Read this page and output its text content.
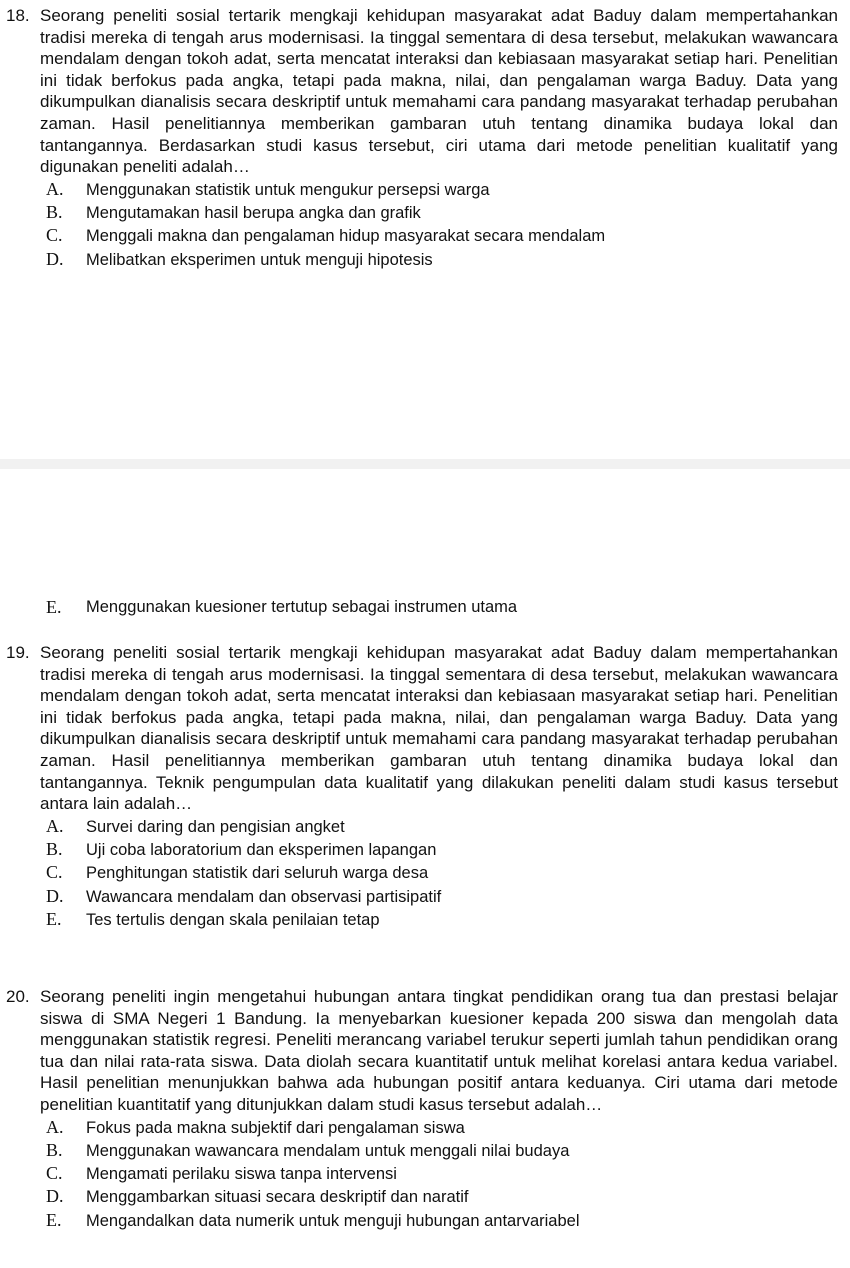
18. Seorang peneliti sosial tertarik mengkaji kehidupan masyarakat adat Baduy dalam mempertahankan tradisi mereka di tengah arus modernisasi. Ia tinggal sementara di desa tersebut, melakukan wawancara mendalam dengan tokoh adat, serta mencatat interaksi dan kebiasaan masyarakat setiap hari. Penelitian ini tidak berfokus pada angka, tetapi pada makna, nilai, dan pengalaman warga Baduy. Data yang dikumpulkan dianalisis secara deskriptif untuk memahami cara pandang masyarakat terhadap perubahan zaman. Hasil penelitiannya memberikan gambaran utuh tentang dinamika budaya lokal dan tantangannya. Berdasarkan studi kasus tersebut, ciri utama dari metode penelitian kualitatif yang digunakan peneliti adalah…
A. Menggunakan statistik untuk mengukur persepsi warga
B. Mengutamakan hasil berupa angka dan grafik
C. Menggali makna dan pengalaman hidup masyarakat secara mendalam
D. Melibatkan eksperimen untuk menguji hipotesis
E. Menggunakan kuesioner tertutup sebagai instrumen utama
19. Seorang peneliti sosial tertarik mengkaji kehidupan masyarakat adat Baduy dalam mempertahankan tradisi mereka di tengah arus modernisasi. Ia tinggal sementara di desa tersebut, melakukan wawancara mendalam dengan tokoh adat, serta mencatat interaksi dan kebiasaan masyarakat setiap hari. Penelitian ini tidak berfokus pada angka, tetapi pada makna, nilai, dan pengalaman warga Baduy. Data yang dikumpulkan dianalisis secara deskriptif untuk memahami cara pandang masyarakat terhadap perubahan zaman. Hasil penelitiannya memberikan gambaran utuh tentang dinamika budaya lokal dan tantangannya. Teknik pengumpulan data kualitatif yang dilakukan peneliti dalam studi kasus tersebut antara lain adalah…
A. Survei daring dan pengisian angket
B. Uji coba laboratorium dan eksperimen lapangan
C. Penghitungan statistik dari seluruh warga desa
D. Wawancara mendalam dan observasi partisipatif
E. Tes tertulis dengan skala penilaian tetap
20. Seorang peneliti ingin mengetahui hubungan antara tingkat pendidikan orang tua dan prestasi belajar siswa di SMA Negeri 1 Bandung. Ia menyebarkan kuesioner kepada 200 siswa dan mengolah data menggunakan statistik regresi. Peneliti merancang variabel terukur seperti jumlah tahun pendidikan orang tua dan nilai rata-rata siswa. Data diolah secara kuantitatif untuk melihat korelasi antara kedua variabel. Hasil penelitian menunjukkan bahwa ada hubungan positif antara keduanya. Ciri utama dari metode penelitian kuantitatif yang ditunjukkan dalam studi kasus tersebut adalah…
A. Fokus pada makna subjektif dari pengalaman siswa
B. Menggunakan wawancara mendalam untuk menggali nilai budaya
C. Mengamati perilaku siswa tanpa intervensi
D. Menggambarkan situasi secara deskriptif dan naratif
E. Mengandalkan data numerik untuk menguji hubungan antarvariabel
